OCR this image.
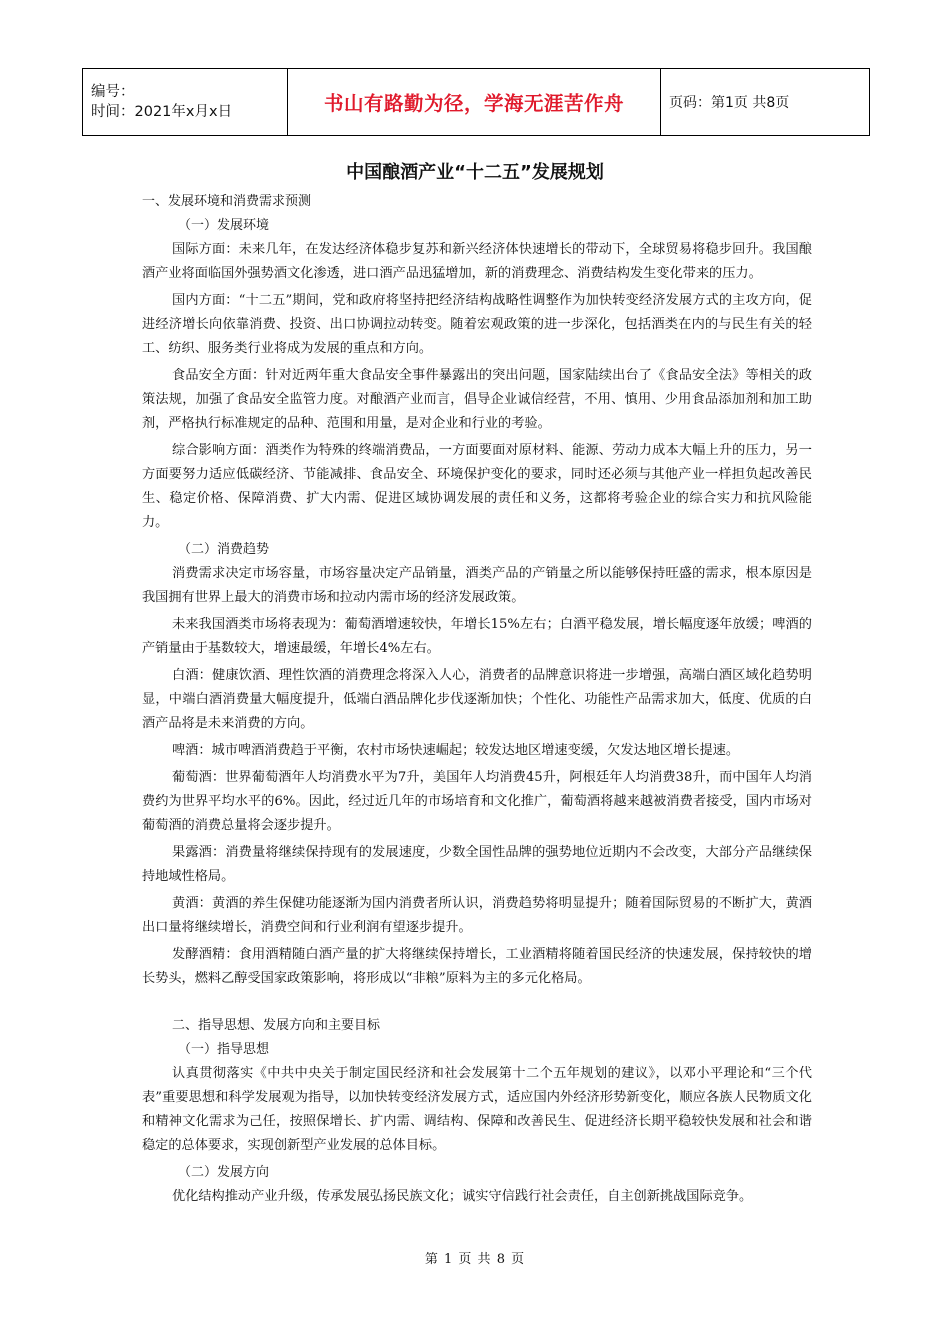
编号：
时间：2021年x月x日	书山有路勤为径，学海无涯苦作舟	页码：第1页 共8页
中国酿酒产业“十二五”发展规划
一、发展环境和消费需求预测
（一）发展环境

国际方面：未来几年，在发达经济体稳步复苏和新兴经济体快速增长的带动下，全球贸易将稳步回升。我国酿酒产业将面临国外强势酒文化渗透，进口酒产品迅猛增加，新的消费理念、消费结构发生变化带来的压力。

国内方面：“十二五”期间，党和政府将坚持把经济结构战略性调整作为加快转变经济发展方式的主攻方向，促进经济增长向依靠消费、投资、出口协调拉动转变。随着宏观政策的进一步深化，包括酒类在内的与民生有关的轻工、纺织、服务类行业将成为发展的重点和方向。

食品安全方面：针对近两年重大食品安全事件暴露出的突出问题，国家陆续出台了《食品安全法》等相关的政策法规，加强了食品安全监管力度。对酿酒产业而言，倡导企业诚信经营，不用、慎用、少用食品添加剂和加工助剂，严格执行标准规定的品种、范围和用量，是对企业和行业的考验。

综合影响方面：酒类作为特殊的终端消费品，一方面要面对原材料、能源、劳动力成本大幅上升的压力，另一方面要努力适应低碳经济、节能减排、食品安全、环境保护变化的要求，同时还必须与其他产业一样担负起改善民生、稳定价格、保障消费、扩大内需、促进区域协调发展的责任和义务，这都将考验企业的综合实力和抗风险能力。

（二）消费趋势

消费需求决定市场容量，市场容量决定产品销量，酒类产品的产销量之所以能够保持旺盛的需求，根本原因是我国拥有世界上最大的消费市场和拉动内需市场的经济发展政策。

未来我国酒类市场将表现为：葡萄酒增速较快，年增长15%左右；白酒平稳发展，增长幅度逐年放缓；啤酒的产销量由于基数较大，增速最缓，年增长4%左右。

白酒：健康饮酒、理性饮酒的消费理念将深入人心，消费者的品牌意识将进一步增强，高端白酒区域化趋势明显，中端白酒消费量大幅度提升，低端白酒品牌化步伐逐渐加快；个性化、功能性产品需求加大，低度、优质的白酒产品将是未来消费的方向。

啤酒：城市啤酒消费趋于平衡，农村市场快速崛起；较发达地区增速变缓，欠发达地区增长提速。

葡萄酒：世界葡萄酒年人均消费水平为7升，美国年人均消费45升，阿根廷年人均消费38升，而中国年人均消费约为世界平均水平的6%。因此，经过近几年的市场培育和文化推广，葡萄酒将越来越被消费者接受，国内市场对葡萄酒的消费总量将会逐步提升。

果露酒：消费量将继续保持现有的发展速度，少数全国性品牌的强势地位近期内不会改变，大部分产品继续保持地域性格局。

黄酒：黄酒的养生保健功能逐渐为国内消费者所认识，消费趋势将明显提升；随着国际贸易的不断扩大，黄酒出口量将继续增长，消费空间和行业利润有望逐步提升。

发酵酒精：食用酒精随白酒产量的扩大将继续保持增长，工业酒精将随着国民经济的快速发展，保持较快的增长势头，燃料乙醇受国家政策影响，将形成以“非粮”原料为主的多元化格局。

二、指导思想、发展方向和主要目标
（一）指导思想

认真贯彻落实《中共中央关于制定国民经济和社会发展第十二个五年规划的建议》，以邓小平理论和“三个代表”重要思想和科学发展观为指导，以加快转变经济发展方式，适应国内外经济形势新变化，顺应各族人民物质文化和精神文化需求为己任，按照保增长、扩内需、调结构、保障和改善民生、促进经济长期平稳较快发展和社会和谐稳定的总体要求，实现创新型产业发展的总体目标。

（二）发展方向

优化结构推动产业升级，传承发展弘扬民族文化；诚实守信践行社会责任，自主创新挑战国际竞争。

第 1 页 共 8 页
